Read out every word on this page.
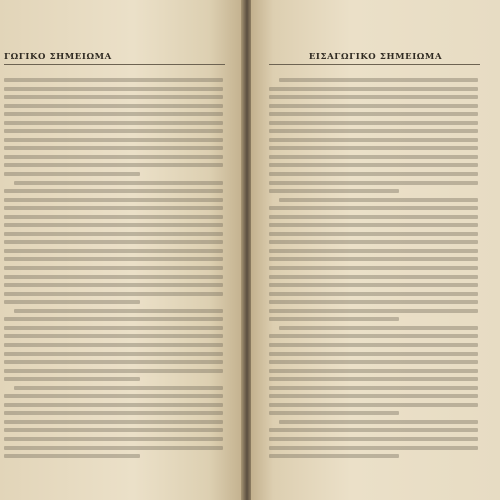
ΓΩΓΙΚΟ ΣΗΜΕΙΩΜΑ	ΕΙΣΑΓΩΓΙΚΟ ΣΗΜΕΙΩΜΑ
